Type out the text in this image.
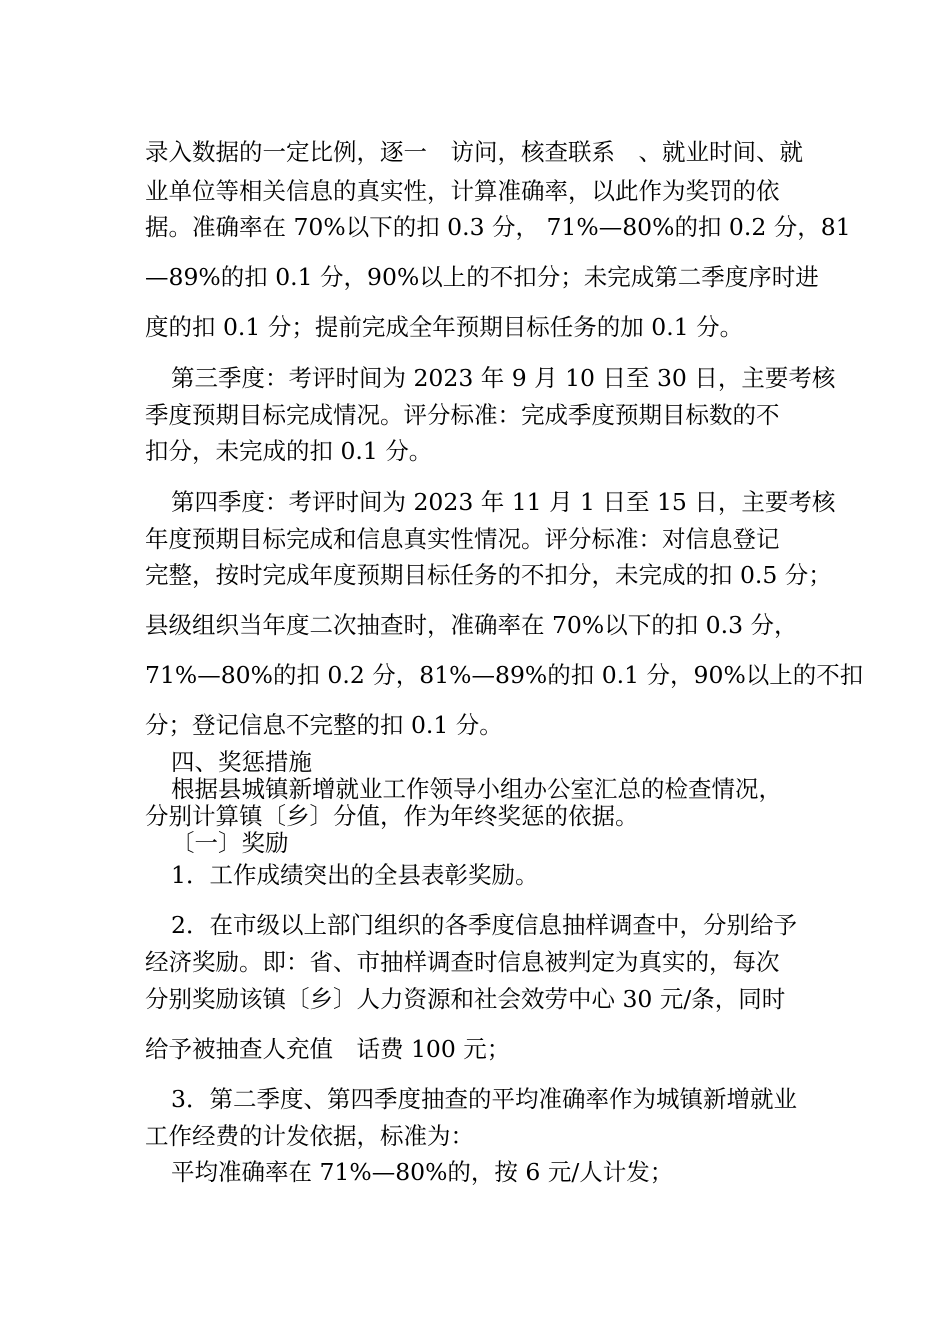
录入数据的一定比例，逐一　访问，核查联系　、就业时间、就
业单位等相关信息的真实性，计算准确率，以此作为奖罚的依
据。准确率在 70%以下的扣 0.3 分， 71%—80%的扣 0.2 分，81
—89%的扣 0.1 分，90%以上的不扣分；未完成第二季度序时进
度的扣 0.1 分；提前完成全年预期目标任务的加 0.1 分。
第三季度：考评时间为 2023 年 9 月 10 日至 30 日，主要考核
季度预期目标完成情况。评分标准：完成季度预期目标数的不
扣分，未完成的扣 0.1 分。
第四季度：考评时间为 2023 年 11 月 1 日至 15 日，主要考核
年度预期目标完成和信息真实性情况。评分标准：对信息登记
完整，按时完成年度预期目标任务的不扣分，未完成的扣 0.5 分；
县级组织当年度二次抽查时，准确率在 70%以下的扣 0.3 分，
71%—80%的扣 0.2 分，81%—89%的扣 0.1 分，90%以上的不扣
分；登记信息不完整的扣 0.1 分。
四、奖惩措施
根据县城镇新增就业工作领导小组办公室汇总的检查情况，
分别计算镇〔乡〕分值，作为年终奖惩的依据。
〔一〕奖励
1．工作成绩突出的全县表彰奖励。
2．在市级以上部门组织的各季度信息抽样调查中，分别给予
经济奖励。即：省、市抽样调查时信息被判定为真实的，每次
分别奖励该镇〔乡〕人力资源和社会效劳中心 30 元/条，同时
给予被抽查人充值　话费 100 元；
3．第二季度、第四季度抽查的平均准确率作为城镇新增就业
工作经费的计发依据，标准为：
平均准确率在 71%—80%的，按 6 元/人计发；
